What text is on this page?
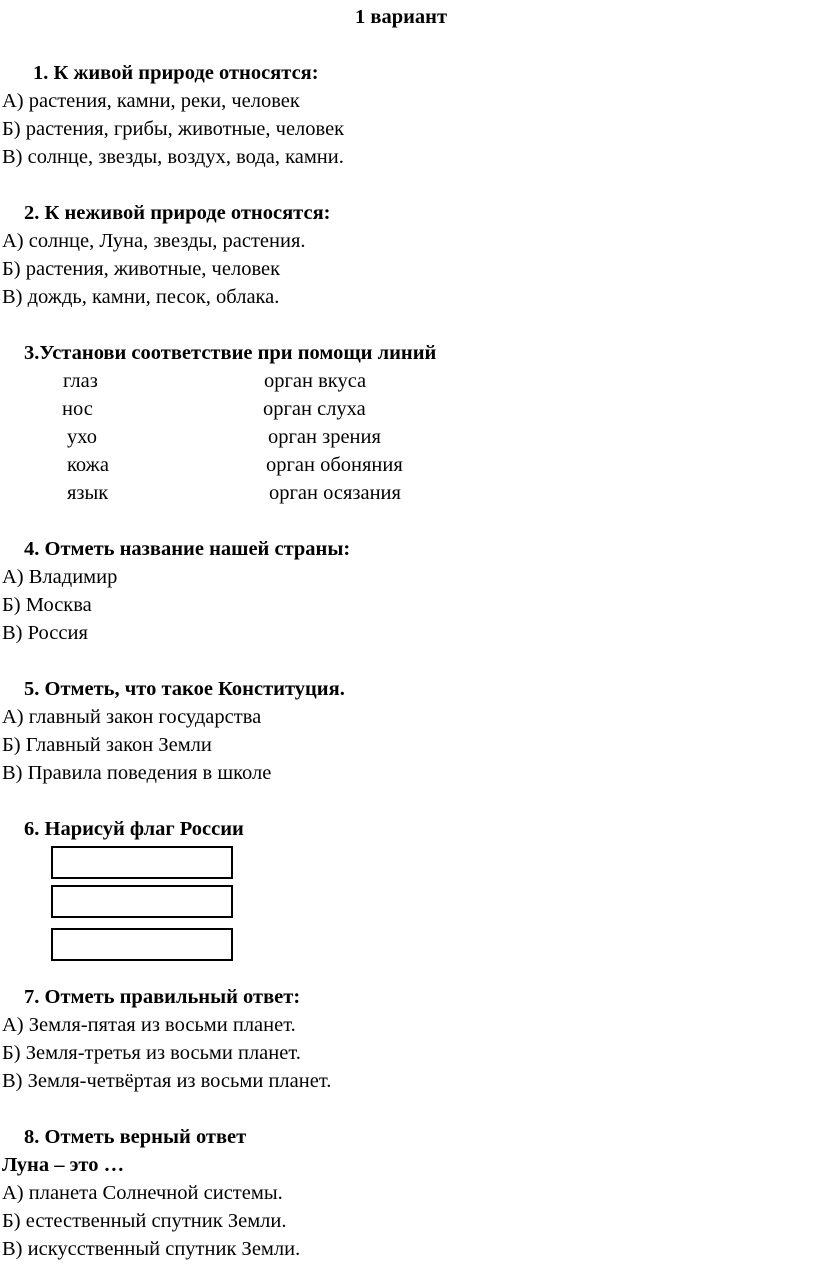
1 вариант
1. К живой природе относятся:
А) растения, камни, реки, человек
Б) растения, грибы, животные, человек
В) солнце, звезды, воздух, вода, камни.
2. К неживой природе относятся:
А) солнце, Луна, звезды, растения.
Б) растения, животные, человек
В) дождь, камни, песок, облака.
3.Установи соответствие при помощи линий
глаз	орган вкуса
нос	орган слуха
ухо	орган зрения
кожа	орган обоняния
язык	орган осязания
4. Отметь название нашей страны:
А) Владимир
Б) Москва
В) Россия
5. Отметь, что такое Конституция.
А) главный закон государства
Б) Главный закон Земли
В) Правила поведения в школе
6. Нарисуй флаг России
7. Отметь правильный ответ:
А) Земля-пятая из восьми планет.
Б) Земля-третья из восьми планет.
В) Земля-четвёртая из восьми планет.
8. Отметь верный ответ
Луна – это …
А) планета Солнечной системы.
Б) естественный спутник Земли.
В) искусственный спутник Земли.
